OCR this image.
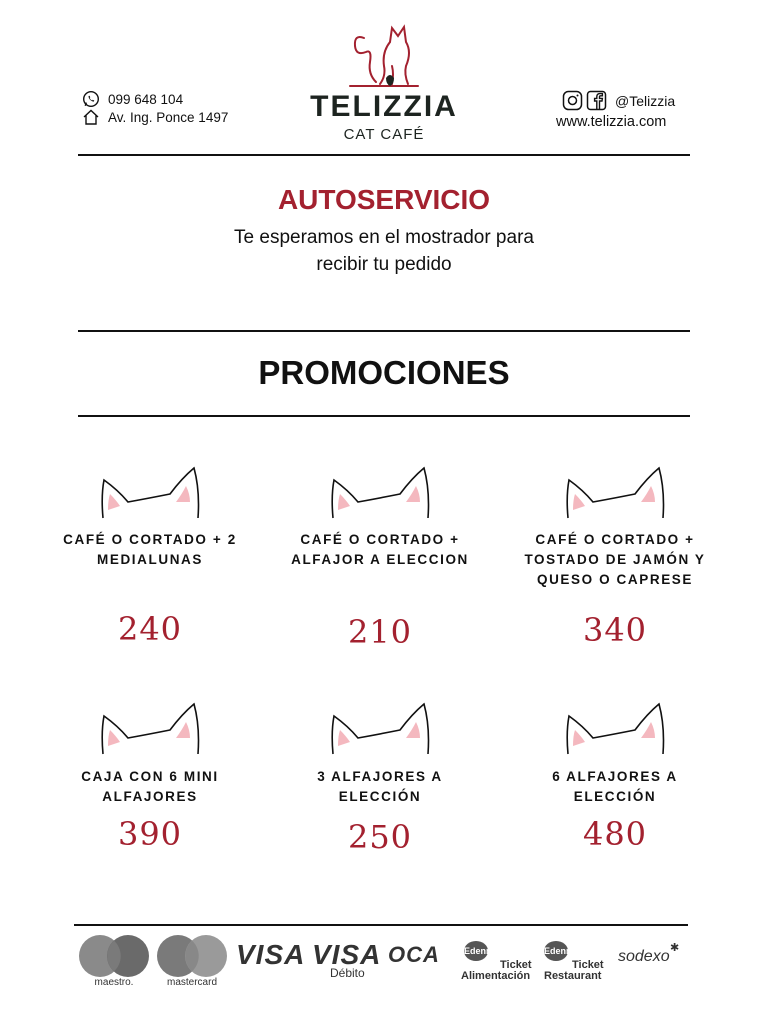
099 648 104
Av. Ing. Ponce 1497	TELIZZIA
CAT CAFÉ
@Telizzia
www.telizzia.com
AUTOSERVICIO
Te esperamos en el mostrador para recibir tu pedido
PROMOCIONES
CAFÉ O CORTADO + 2 MEDIALUNAS
240
CAFÉ O CORTADO + ALFAJOR A ELECCION
210
CAFÉ O CORTADO + TOSTADO DE JAMÓN Y QUESO O CAPRESE
340
CAJA CON 6 MINI ALFAJORES
390
3 ALFAJORES A ELECCIÓN
250
6 ALFAJORES A ELECCIÓN
480
maestro.	mastercard
VISA VISA
Débito
OCA	Edenred
Ticket
Alimentación
Edenred
Ticket
Restaurant
sodexo ✱
